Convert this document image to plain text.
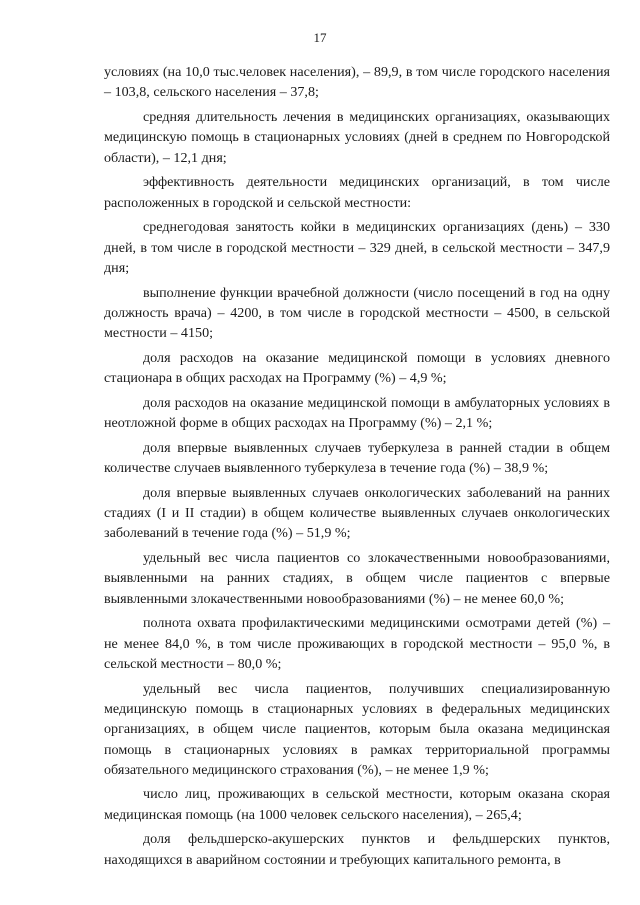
17

условиях (на 10,0 тыс.человек населения), – 89,9, в том числе городского населения – 103,8, сельского населения – 37,8;

средняя длительность лечения в медицинских организациях, оказывающих медицинскую помощь в стационарных условиях (дней в среднем по Новгородской области), – 12,1 дня;

эффективность деятельности медицинских организаций, в том числе расположенных в городской и сельской местности:

среднегодовая занятость койки в медицинских организациях (день) – 330 дней, в том числе в городской местности – 329 дней, в сельской местности – 347,9 дня;

выполнение функции врачебной должности (число посещений в год на одну должность врача) – 4200, в том числе в городской местности – 4500, в сельской местности – 4150;

доля расходов на оказание медицинской помощи в условиях дневного стационара в общих расходах на Программу (%) – 4,9 %;

доля расходов на оказание медицинской помощи в амбулаторных условиях в неотложной форме в общих расходах на Программу (%) – 2,1 %;

доля впервые выявленных случаев туберкулеза в ранней стадии в общем количестве случаев выявленного туберкулеза в течение года (%) – 38,9 %;

доля впервые выявленных случаев онкологических заболеваний на ранних стадиях (I и II стадии) в общем количестве выявленных случаев онкологических заболеваний в течение года (%) – 51,9 %;

удельный вес числа пациентов со злокачественными новообразованиями, выявленными на ранних стадиях, в общем числе пациентов с впервые выявленными злокачественными новообразованиями (%) – не менее 60,0 %;

полнота охвата профилактическими медицинскими осмотрами детей (%) – не менее 84,0 %, в том числе проживающих в городской местности – 95,0 %, в сельской местности – 80,0 %;

удельный вес числа пациентов, получивших специализированную медицинскую помощь в стационарных условиях в федеральных медицинских организациях, в общем числе пациентов, которым была оказана медицинская помощь в стационарных условиях в рамках территориальной программы обязательного медицинского страхования (%), – не менее 1,9 %;

число лиц, проживающих в сельской местности, которым оказана скорая медицинская помощь (на 1000 человек сельского населения), – 265,4;

доля фельдшерско-акушерских пунктов и фельдшерских пунктов, находящихся в аварийном состоянии и требующих капитального ремонта, в
